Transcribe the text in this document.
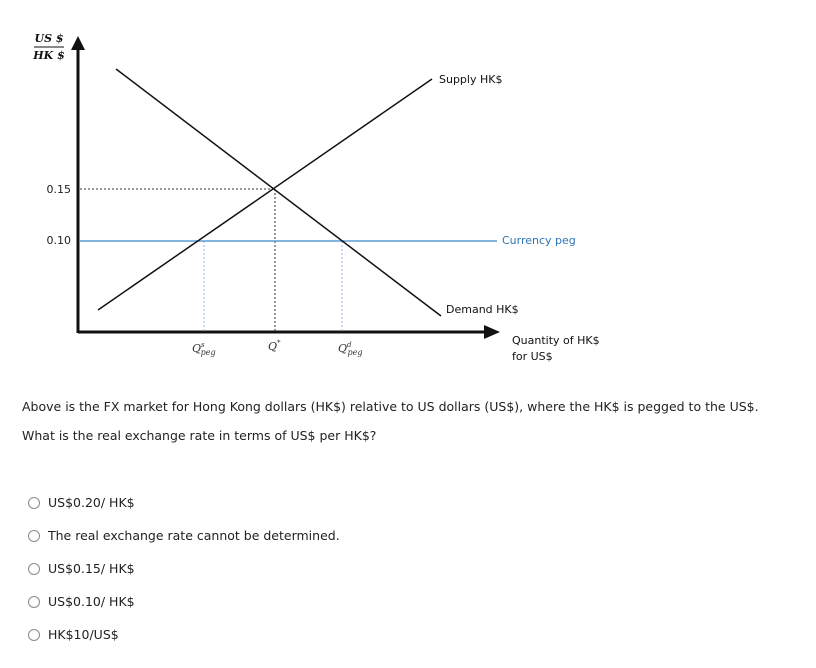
US $
HK $
0.15
0.10	Currency peg
Supply HK$
Demand HK$
$Q^s$ peg	Q*	$Q^d$ peg
Quantity of HK$
for US$
Above is the FX market for Hong Kong dollars (HK$) relative to US dollars (US$), where the HK$ is pegged to the US$.
What is the real exchange rate in terms of US$ per HK$?
US$0.20/ HK$
The real exchange rate cannot be determined.
US$0.15/ HK$
US$0.10/ HK$
HK$10/US$
